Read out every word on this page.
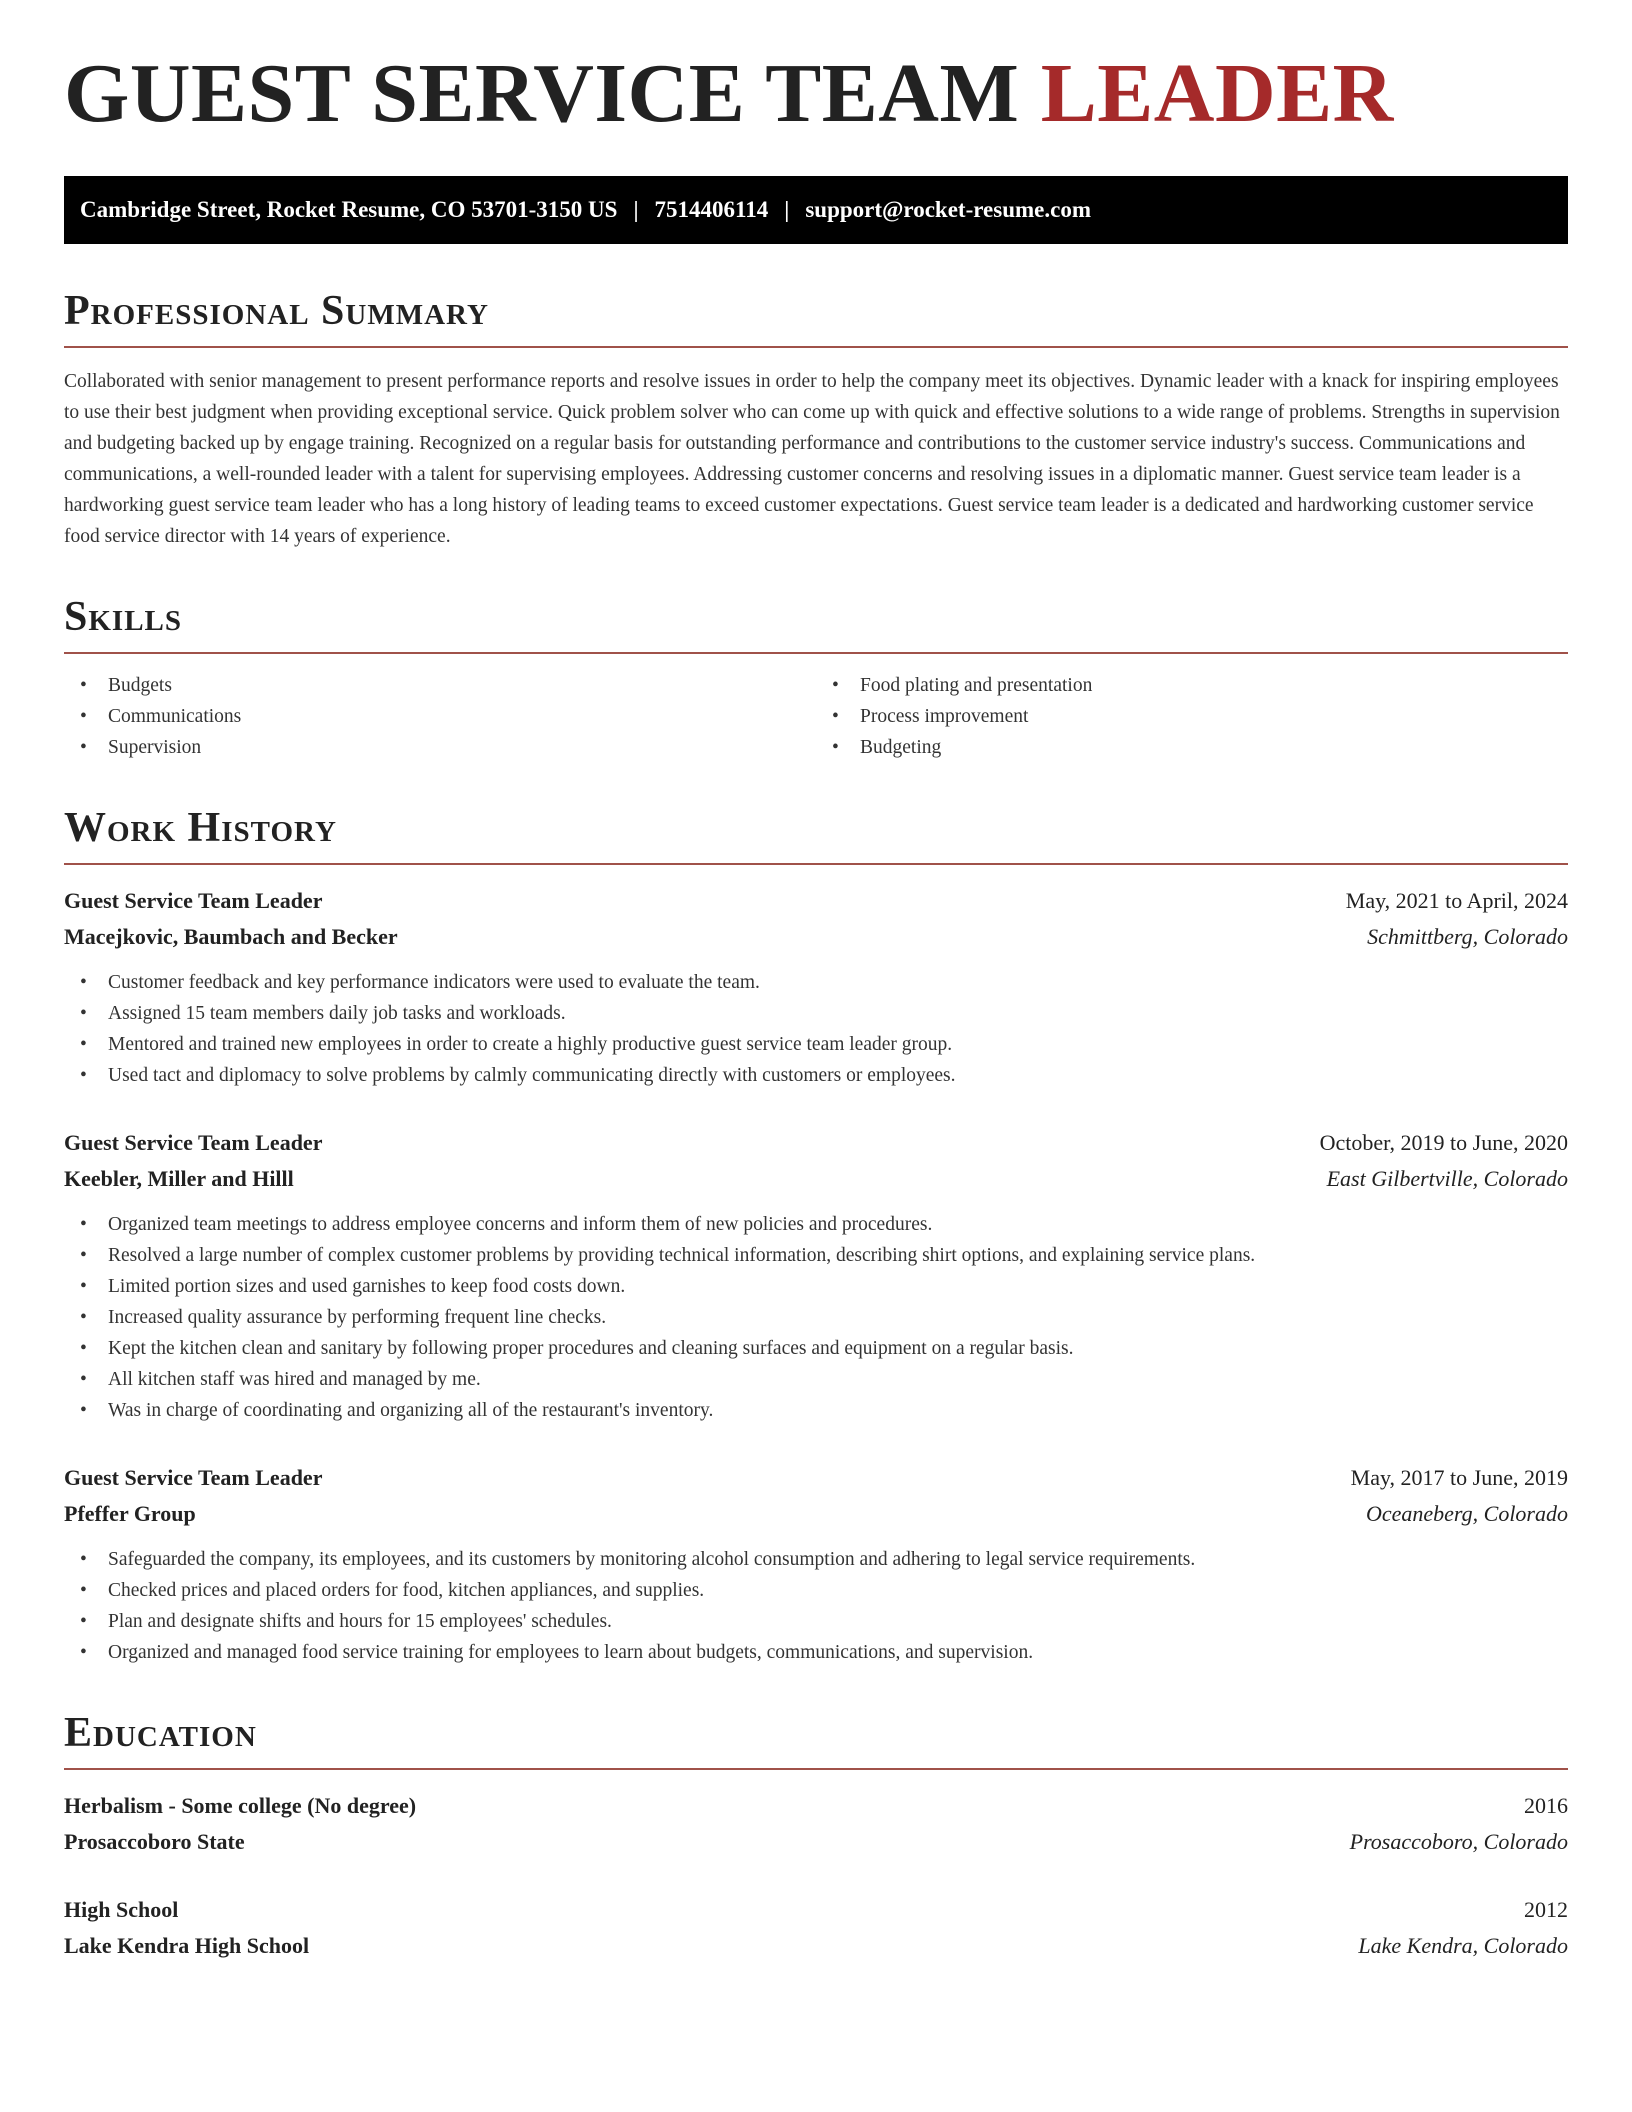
GUEST SERVICE TEAM LEADER
Cambridge Street, Rocket Resume, CO 53701-3150 US | 7514406114 | support@rocket-resume.com
Professional Summary

Collaborated with senior management to present performance reports and resolve issues in order to help the company meet its objectives. Dynamic leader with a knack for inspiring employees to use their best judgment when providing exceptional service. Quick problem solver who can come up with quick and effective solutions to a wide range of problems. Strengths in supervision and budgeting backed up by engage training. Recognized on a regular basis for outstanding performance and contributions to the customer service industry's success. Communications and communications, a well-rounded leader with a talent for supervising employees. Addressing customer concerns and resolving issues in a diplomatic manner. Guest service team leader is a hardworking guest service team leader who has a long history of leading teams to exceed customer expectations. Guest service team leader is a dedicated and hardworking customer service food service director with 14 years of experience.

Skills
• Budgets
• Communications
• Supervision
• Food plating and presentation
• Process improvement
• Budgeting
Work History
Guest Service Team Leader	May, 2021 to April, 2024
Macejkovic, Baumbach and Becker	Schmittberg, Colorado
• Customer feedback and key performance indicators were used to evaluate the team.
• Assigned 15 team members daily job tasks and workloads.
• Mentored and trained new employees in order to create a highly productive guest service team leader group.
• Used tact and diplomacy to solve problems by calmly communicating directly with customers or employees.
Guest Service Team Leader	October, 2019 to June, 2020
Keebler, Miller and Hilll	East Gilbertville, Colorado
• Organized team meetings to address employee concerns and inform them of new policies and procedures.
• Resolved a large number of complex customer problems by providing technical information, describing shirt options, and explaining service plans.
• Limited portion sizes and used garnishes to keep food costs down.
• Increased quality assurance by performing frequent line checks.
• Kept the kitchen clean and sanitary by following proper procedures and cleaning surfaces and equipment on a regular basis.
• All kitchen staff was hired and managed by me.
• Was in charge of coordinating and organizing all of the restaurant's inventory.
Guest Service Team Leader	May, 2017 to June, 2019
Pfeffer Group	Oceaneberg, Colorado
• Safeguarded the company, its employees, and its customers by monitoring alcohol consumption and adhering to legal service requirements.
• Checked prices and placed orders for food, kitchen appliances, and supplies.
• Plan and designate shifts and hours for 15 employees' schedules.
• Organized and managed food service training for employees to learn about budgets, communications, and supervision.
Education
Herbalism - Some college (No degree)	2016
Prosaccoboro State	Prosaccoboro, Colorado
High School	2012
Lake Kendra High School	Lake Kendra, Colorado
